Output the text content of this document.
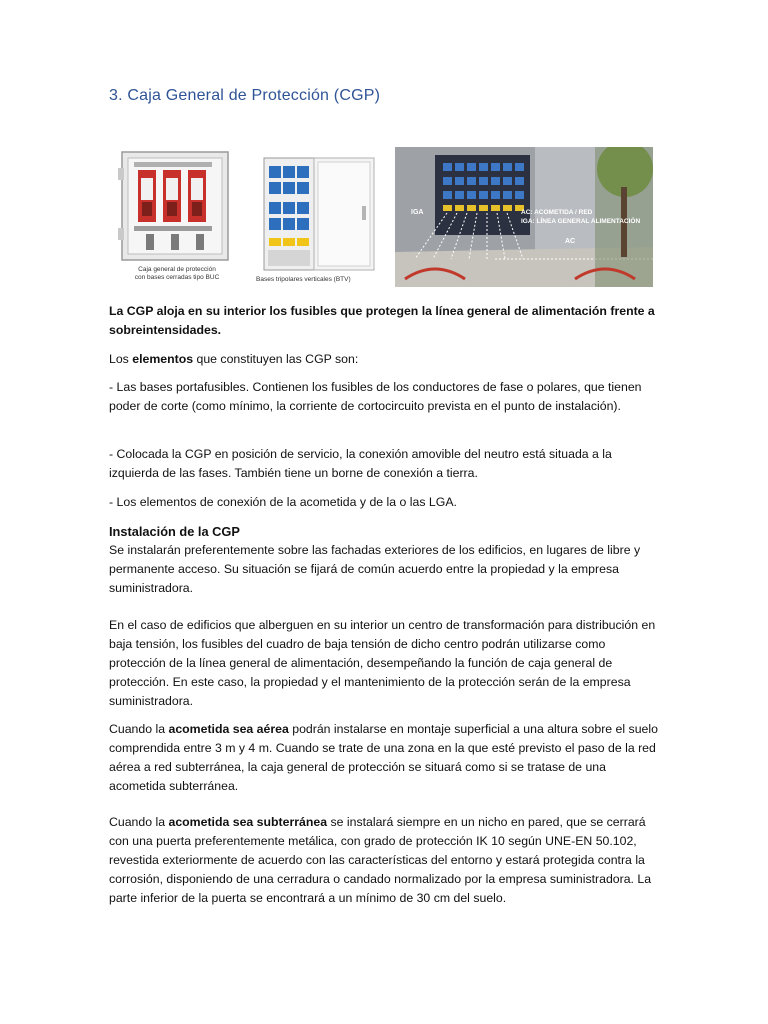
3. Caja General de Protección (CGP)
Caja general de protección
con bases cerradas tipo BUC	Bases tripolares verticales (BTV)
IGA	AC: ACOMETIDA / RED
IGA: LÍNEA GENERAL ALIMENTACIÓN
AC

La CGP aloja en su interior los fusibles que protegen la línea general de alimentación frente a sobreintensidades.

Los elementos que constituyen las CGP son:

- Las bases portafusibles. Contienen los fusibles de los conductores de fase o polares, que tienen poder de corte (como mínimo, la corriente de cortocircuito prevista en el punto de instalación).

- Colocada la CGP en posición de servicio, la conexión amovible del neutro está situada a la izquierda de las fases. También tiene un borne de conexión a tierra.

- Los elementos de conexión de la acometida y de la o las LGA.

Instalación de la CGP

Se instalarán preferentemente sobre las fachadas exteriores de los edificios, en lugares de libre y permanente acceso. Su situación se fijará de común acuerdo entre la propiedad y la empresa suministradora.

En el caso de edificios que alberguen en su interior un centro de transformación para distribución en baja tensión, los fusibles del cuadro de baja tensión de dicho centro podrán utilizarse como protección de la línea general de alimentación, desempeñando la función de caja general de protección. En este caso, la propiedad y el mantenimiento de la protección serán de la empresa suministradora.

Cuando la acometida sea aérea podrán instalarse en montaje superficial a una altura sobre el suelo comprendida entre 3 m y 4 m. Cuando se trate de una zona en la que esté previsto el paso de la red aérea a red subterránea, la caja general de protección se situará como si se tratase de una acometida subterránea.

Cuando la acometida sea subterránea se instalará siempre en un nicho en pared, que se cerrará con una puerta preferentemente metálica, con grado de protección IK 10 según UNE-EN 50.102, revestida exteriormente de acuerdo con las características del entorno y estará protegida contra la corrosión, disponiendo de una cerradura o candado normalizado por la empresa suministradora. La parte inferior de la puerta se encontrará a un mínimo de 30 cm del suelo.
